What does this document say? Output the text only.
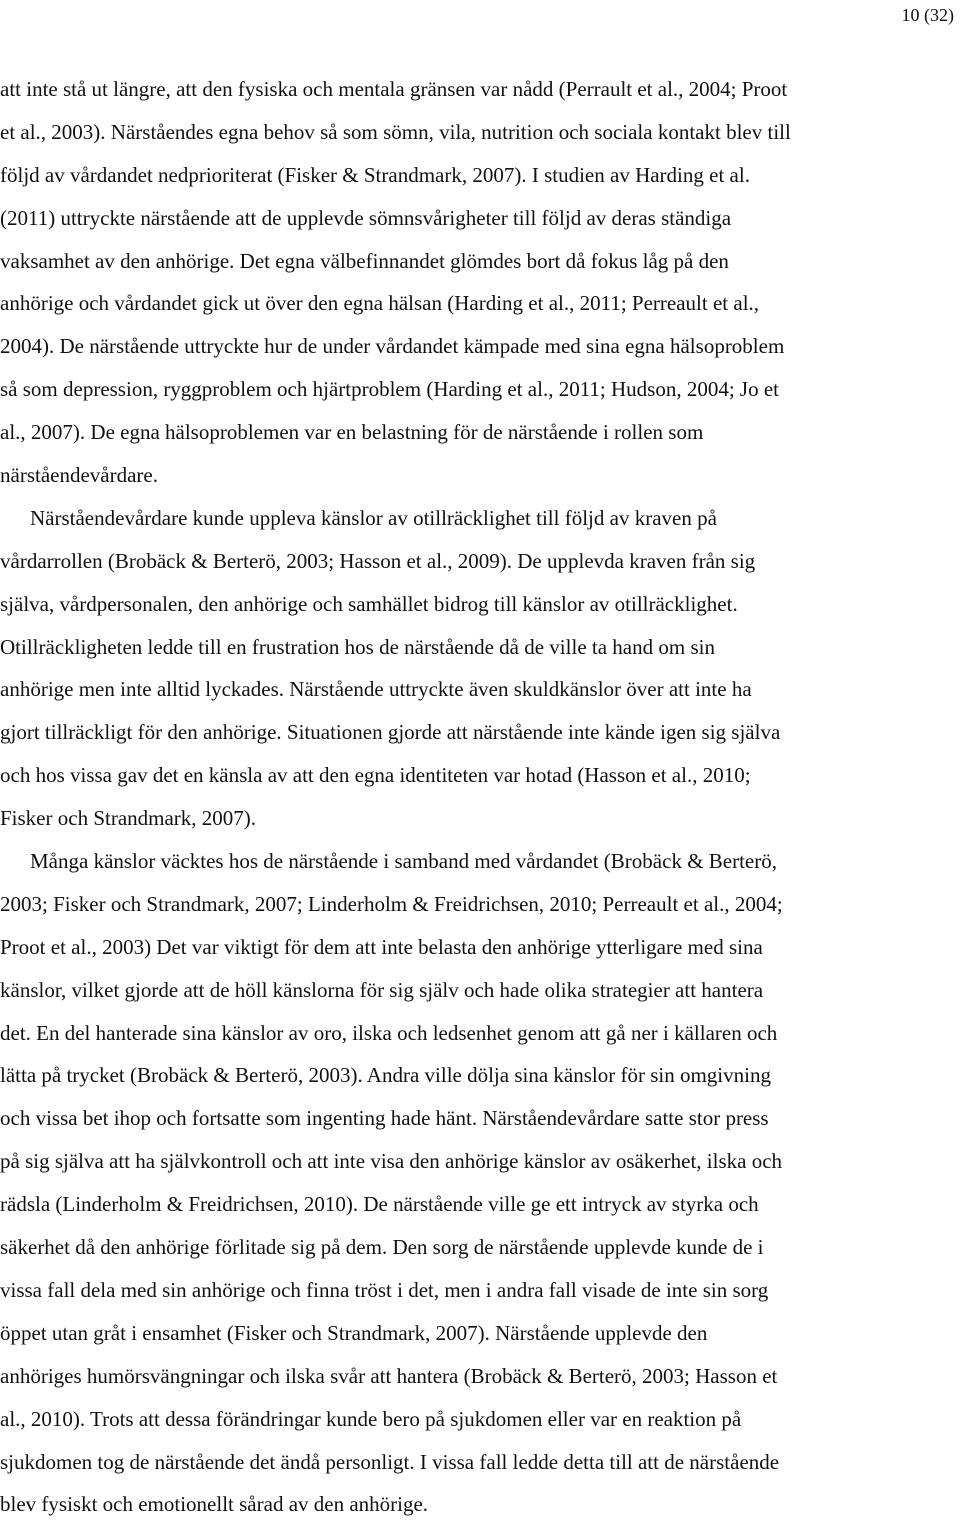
10 (32)
att inte stå ut längre, att den fysiska och mentala gränsen var nådd (Perrault et al., 2004; Proot
et al., 2003). Närståendes egna behov så som sömn, vila, nutrition och sociala kontakt blev till
följd av vårdandet nedprioriterat (Fisker & Strandmark, 2007). I studien av Harding et al.
(2011) uttryckte närstående att de upplevde sömnsvårigheter till följd av deras ständiga
vaksamhet av den anhörige. Det egna välbefinnandet glömdes bort då fokus låg på den
anhörige och vårdandet gick ut över den egna hälsan (Harding et al., 2011; Perreault et al.,
2004). De närstående uttryckte hur de under vårdandet kämpade med sina egna hälsoproblem
så som depression, ryggproblem och hjärtproblem (Harding et al., 2011; Hudson, 2004; Jo et
al., 2007). De egna hälsoproblemen var en belastning för de närstående i rollen som
närståendevårdare.
Närståendevårdare kunde uppleva känslor av otillräcklighet till följd av kraven på
vårdarrollen (Brobäck & Berterö, 2003; Hasson et al., 2009). De upplevda kraven från sig
själva, vårdpersonalen, den anhörige och samhället bidrog till känslor av otillräcklighet.
Otillräckligheten ledde till en frustration hos de närstående då de ville ta hand om sin
anhörige men inte alltid lyckades. Närstående uttryckte även skuldkänslor över att inte ha
gjort tillräckligt för den anhörige. Situationen gjorde att närstående inte kände igen sig själva
och hos vissa gav det en känsla av att den egna identiteten var hotad (Hasson et al., 2010;
Fisker och Strandmark, 2007).
Många känslor väcktes hos de närstående i samband med vårdandet (Brobäck & Berterö,
2003; Fisker och Strandmark, 2007; Linderholm & Freidrichsen, 2010; Perreault et al., 2004;
Proot et al., 2003) Det var viktigt för dem att inte belasta den anhörige ytterligare med sina
känslor, vilket gjorde att de höll känslorna för sig själv och hade olika strategier att hantera
det. En del hanterade sina känslor av oro, ilska och ledsenhet genom att gå ner i källaren och
lätta på trycket (Brobäck & Berterö, 2003). Andra ville dölja sina känslor för sin omgivning
och vissa bet ihop och fortsatte som ingenting hade hänt. Närståendevårdare satte stor press
på sig själva att ha självkontroll och att inte visa den anhörige känslor av osäkerhet, ilska och
rädsla (Linderholm & Freidrichsen, 2010). De närstående ville ge ett intryck av styrka och
säkerhet då den anhörige förlitade sig på dem. Den sorg de närstående upplevde kunde de i
vissa fall dela med sin anhörige och finna tröst i det, men i andra fall visade de inte sin sorg
öppet utan gråt i ensamhet (Fisker och Strandmark, 2007). Närstående upplevde den
anhöriges humörsvängningar och ilska svår att hantera (Brobäck & Berterö, 2003; Hasson et
al., 2010). Trots att dessa förändringar kunde bero på sjukdomen eller var en reaktion på
sjukdomen tog de närstående det ändå personligt. I vissa fall ledde detta till att de närstående
blev fysiskt och emotionellt sårad av den anhörige.
